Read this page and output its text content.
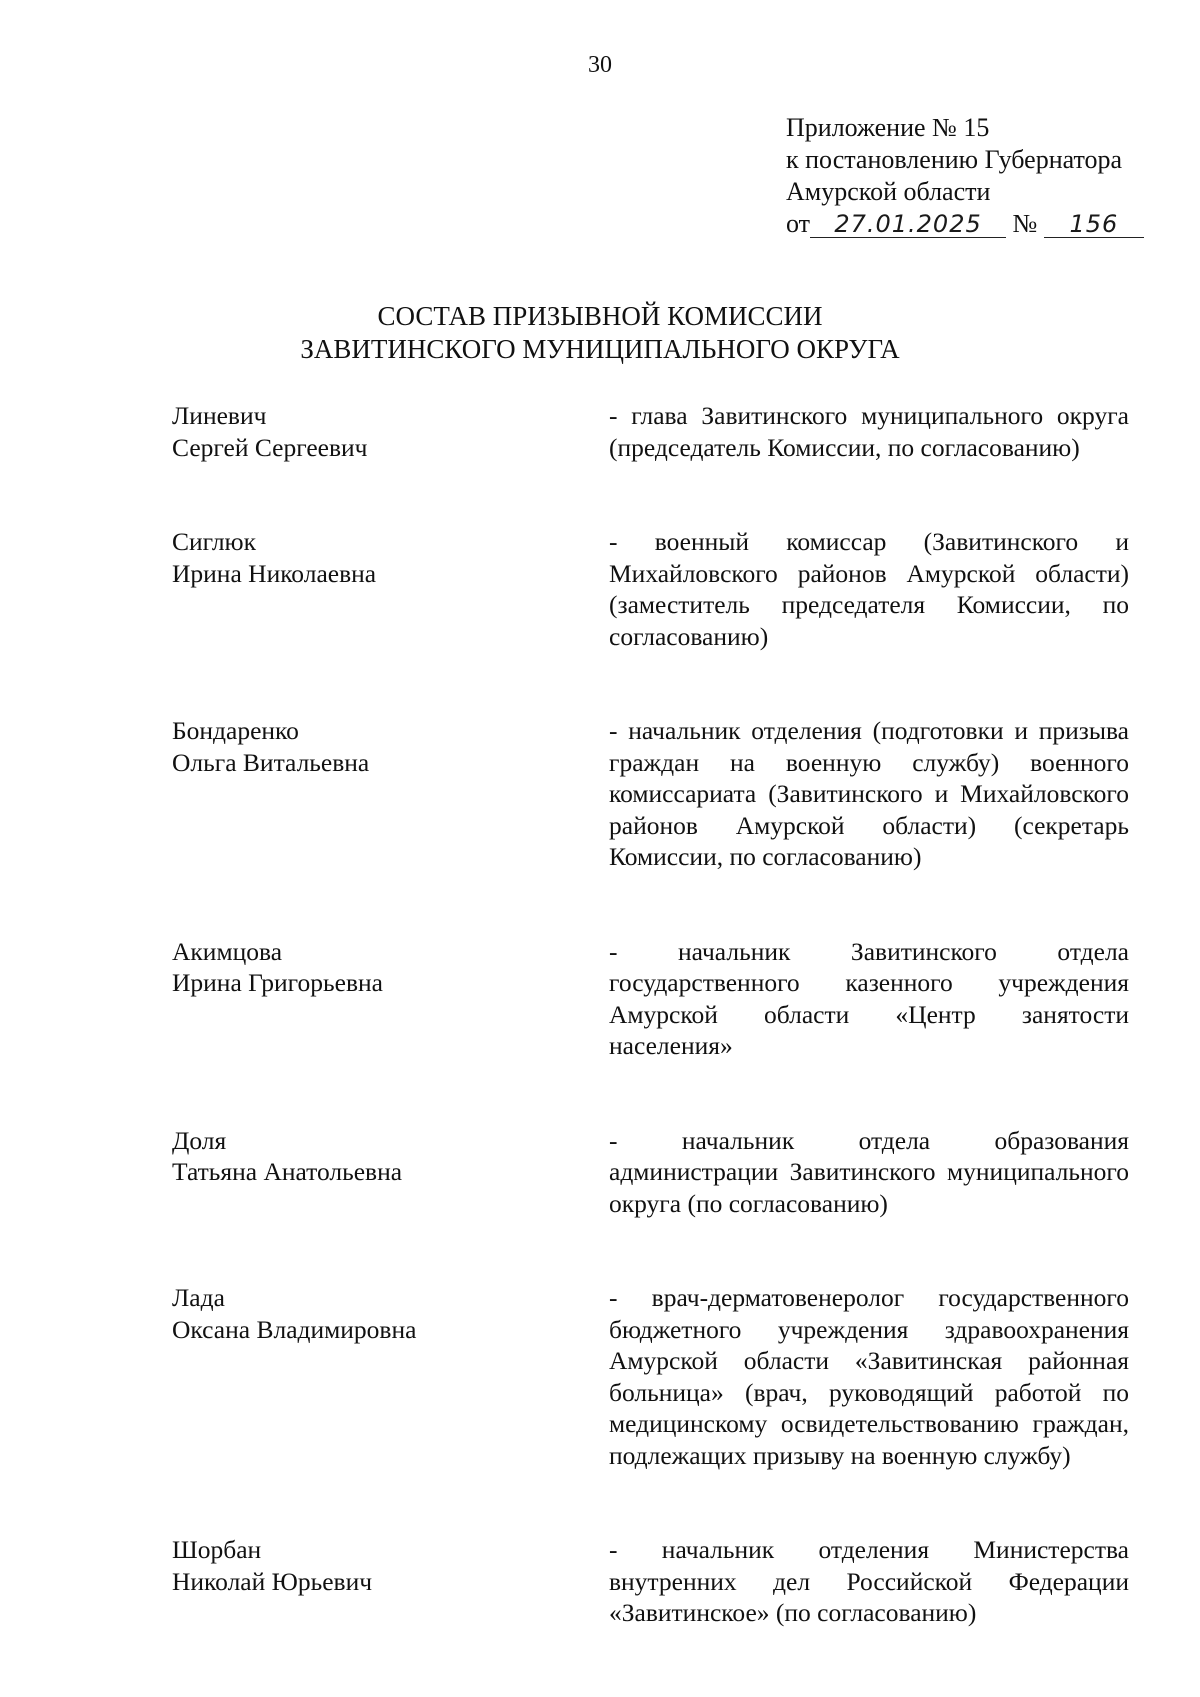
30
Приложение № 15
к постановлению Губернатора
Амурской области
от 27.01.2025 № 156
СОСТАВ ПРИЗЫВНОЙ КОМИССИИ
ЗАВИТИНСКОГО МУНИЦИПАЛЬНОГО ОКРУГА
Линевич
Сергей Сергеевич
- глава Завитинского муниципального округа (председатель Комиссии, по согласованию)
Сиглюк
Ирина Николаевна
- военный комиссар (Завитинского и Михайловского районов Амурской области) (заместитель председателя Комиссии, по согласованию)
Бондаренко
Ольга Витальевна
- начальник отделения (подготовки и призыва граждан на военную службу) военного комиссариата (Завитинского и Михайловского районов Амурской области) (секретарь Комиссии, по согласованию)
Акимцова
Ирина Григорьевна
- начальник Завитинского отдела государственного казенного учреждения Амурской области «Центр занятости населения»
Доля
Татьяна Анатольевна
- начальник отдела образования администрации Завитинского муниципального округа (по согласованию)
Лада
Оксана Владимировна
- врач-дерматовенеролог государственного бюджетного учреждения здравоохранения Амурской области «Завитинская районная больница» (врач, руководящий работой по медицинскому освидетельствованию граждан, подлежащих призыву на военную службу)
Шорбан
Николай Юрьевич
- начальник отделения Министерства внутренних дел Российской Федерации «Завитинское» (по согласованию)
